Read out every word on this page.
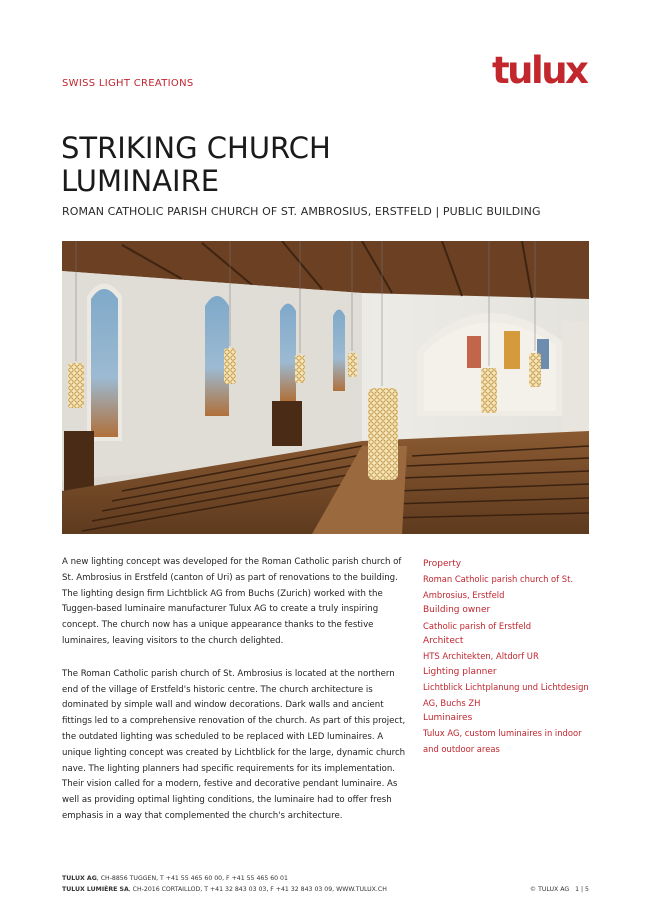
SWISS LIGHT CREATIONS	tulux
STRIKING CHURCH LUMINAIRE
ROMAN CATHOLIC PARISH CHURCH OF ST. AMBROSIUS, ERSTFELD | PUBLIC BUILDING

A new lighting concept was developed for the Roman Catholic parish church of St. Ambrosius in Erstfeld (canton of Uri) as part of renovations to the building. The lighting design firm Lichtblick AG from Buchs (Zurich) worked with the Tuggen-based luminaire manufacturer Tulux AG to create a truly inspiring concept. The church now has a unique appearance thanks to the festive luminaires, leaving visitors to the church delighted.

The Roman Catholic parish church of St. Ambrosius is located at the northern end of the village of Erstfeld's historic centre. The church architecture is dominated by simple wall and window decorations. Dark walls and ancient fittings led to a comprehensive renovation of the church. As part of this project, the outdated lighting was scheduled to be replaced with LED luminaires. A unique lighting concept was created by Lichtblick for the large, dynamic church nave. The lighting planners had specific requirements for its implementation. Their vision called for a modern, festive and decorative pendant luminaire. As well as providing optimal lighting conditions, the luminaire had to offer fresh emphasis in a way that complemented the church's architecture.

Property
Roman Catholic parish church of St. Ambrosius, Erstfeld
Building owner
Catholic parish of Erstfeld
Architect
HTS Architekten, Altdorf UR
Lighting planner
Lichtblick Lichtplanung und Lichtdesign AG, Buchs ZH
Luminaires
Tulux AG, custom luminaires in indoor and outdoor areas
TULUX AG, CH-8856 TUGGEN, T +41 55 465 60 00, F +41 55 465 60 01
TULUX LUMIÈRE SA, CH-2016 CORTAILLOD, T +41 32 843 03 03, F +41 32 843 03 09, WWW.TULUX.CH	© TULUX AG 1 | 5
